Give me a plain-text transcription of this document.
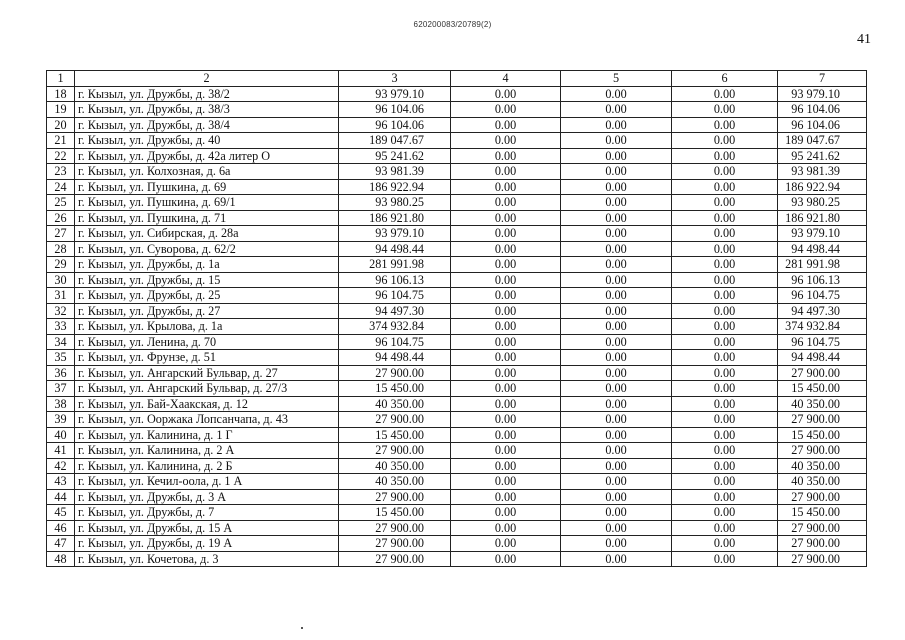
620200083/20789(2)
41
1	2	3	4	5	6	7
18	г. Кызыл, ул. Дружбы, д. 38/2	93 979.10	0.00	0.00	0.00	93 979.10
19	г. Кызыл, ул. Дружбы, д. 38/3	96 104.06	0.00	0.00	0.00	96 104.06
20	г. Кызыл, ул. Дружбы, д. 38/4	96 104.06	0.00	0.00	0.00	96 104.06
21	г. Кызыл, ул. Дружбы, д. 40	189 047.67	0.00	0.00	0.00	189 047.67
22	г. Кызыл, ул. Дружбы, д. 42а литер О	95 241.62	0.00	0.00	0.00	95 241.62
23	г. Кызыл, ул. Колхозная, д. 6а	93 981.39	0.00	0.00	0.00	93 981.39
24	г. Кызыл, ул. Пушкина, д. 69	186 922.94	0.00	0.00	0.00	186 922.94
25	г. Кызыл, ул. Пушкина, д. 69/1	93 980.25	0.00	0.00	0.00	93 980.25
26	г. Кызыл, ул. Пушкина, д. 71	186 921.80	0.00	0.00	0.00	186 921.80
27	г. Кызыл, ул. Сибирская, д. 28а	93 979.10	0.00	0.00	0.00	93 979.10
28	г. Кызыл, ул. Суворова, д. 62/2	94 498.44	0.00	0.00	0.00	94 498.44
29	г. Кызыл, ул. Дружбы, д. 1а	281 991.98	0.00	0.00	0.00	281 991.98
30	г. Кызыл, ул. Дружбы, д. 15	96 106.13	0.00	0.00	0.00	96 106.13
31	г. Кызыл, ул. Дружбы, д. 25	96 104.75	0.00	0.00	0.00	96 104.75
32	г. Кызыл, ул. Дружбы, д. 27	94 497.30	0.00	0.00	0.00	94 497.30
33	г. Кызыл, ул. Крылова, д. 1а	374 932.84	0.00	0.00	0.00	374 932.84
34	г. Кызыл, ул. Ленина, д. 70	96 104.75	0.00	0.00	0.00	96 104.75
35	г. Кызыл, ул. Фрунзе, д. 51	94 498.44	0.00	0.00	0.00	94 498.44
36	г. Кызыл, ул. Ангарский Бульвар, д. 27	27 900.00	0.00	0.00	0.00	27 900.00
37	г. Кызыл, ул. Ангарский Бульвар, д. 27/3	15 450.00	0.00	0.00	0.00	15 450.00
38	г. Кызыл, ул. Бай-Хаакская, д. 12	40 350.00	0.00	0.00	0.00	40 350.00
39	г. Кызыл, ул. Ооржака Лопсанчапа, д. 43	27 900.00	0.00	0.00	0.00	27 900.00
40	г. Кызыл, ул. Калинина, д. 1 Г	15 450.00	0.00	0.00	0.00	15 450.00
41	г. Кызыл, ул. Калинина, д. 2 А	27 900.00	0.00	0.00	0.00	27 900.00
42	г. Кызыл, ул. Калинина, д. 2 Б	40 350.00	0.00	0.00	0.00	40 350.00
43	г. Кызыл, ул. Кечил-оола, д. 1 А	40 350.00	0.00	0.00	0.00	40 350.00
44	г. Кызыл, ул. Дружбы, д. 3 А	27 900.00	0.00	0.00	0.00	27 900.00
45	г. Кызыл, ул. Дружбы, д. 7	15 450.00	0.00	0.00	0.00	15 450.00
46	г. Кызыл, ул. Дружбы, д. 15 А	27 900.00	0.00	0.00	0.00	27 900.00
47	г. Кызыл, ул. Дружбы, д. 19 А	27 900.00	0.00	0.00	0.00	27 900.00
48	г. Кызыл, ул. Кочетова, д. 3	27 900.00	0.00	0.00	0.00	27 900.00
